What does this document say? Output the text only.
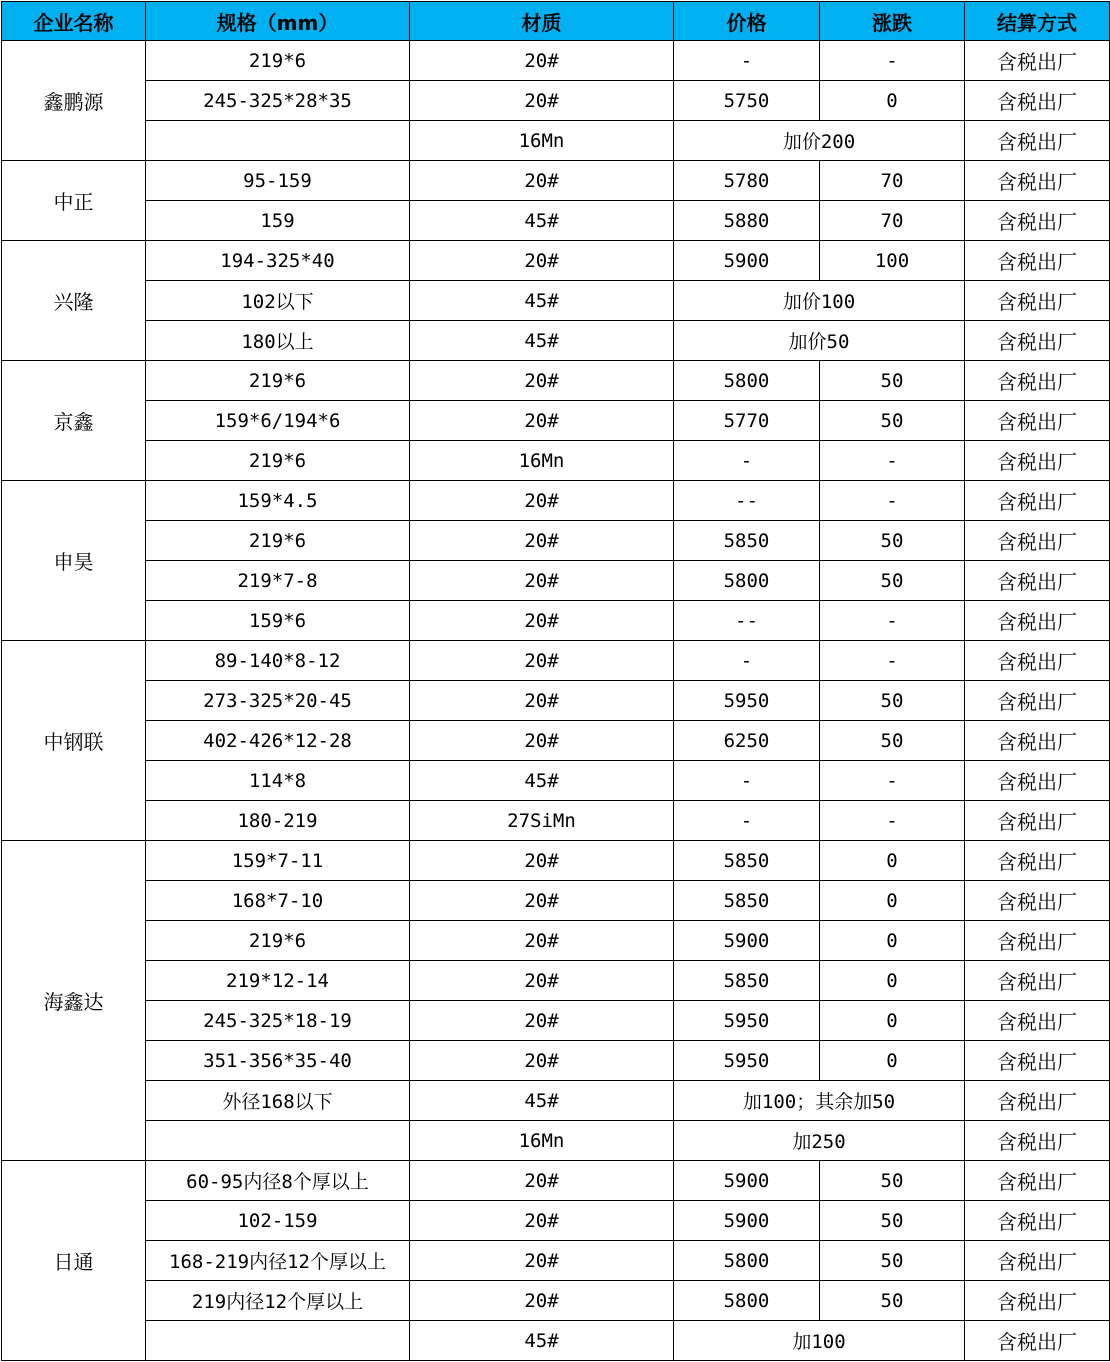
企业名称	规格（mm）	材质	价格	涨跌	结算方式
鑫鹏源	219*6	20#	-	-	含税出厂
	245-325*28*35	20#	5750	0	含税出厂
		16Mn	加价200		含税出厂
中正	95-159	20#	5780	70	含税出厂
	159	45#	5880	70	含税出厂
兴隆	194-325*40	20#	5900	100	含税出厂
	102以下	45#	加价100		含税出厂
	180以上	45#	加价50		含税出厂
京鑫	219*6	20#	5800	50	含税出厂
	159*6/194*6	20#	5770	50	含税出厂
	219*6	16Mn	-	-	含税出厂
申昊	159*4.5	20#	--	-	含税出厂
	219*6	20#	5850	50	含税出厂
	219*7-8	20#	5800	50	含税出厂
	159*6	20#	--	-	含税出厂
中钢联	89-140*8-12	20#	-	-	含税出厂
	273-325*20-45	20#	5950	50	含税出厂
	402-426*12-28	20#	6250	50	含税出厂
	114*8	45#	-	-	含税出厂
	180-219	27SiMn	-	-	含税出厂
海鑫达	159*7-11	20#	5850	0	含税出厂
	168*7-10	20#	5850	0	含税出厂
	219*6	20#	5900	0	含税出厂
	219*12-14	20#	5850	0	含税出厂
	245-325*18-19	20#	5950	0	含税出厂
	351-356*35-40	20#	5950	0	含税出厂
	外径168以下	45#	加100；其余加50		含税出厂
		16Mn	加250		含税出厂
日通	60-95内径8个厚以上	20#	5900	50	含税出厂
	102-159	20#	5900	50	含税出厂
	168-219内径12个厚以上	20#	5800	50	含税出厂
	219内径12个厚以上	20#	5800	50	含税出厂
		45#	加100		含税出厂
